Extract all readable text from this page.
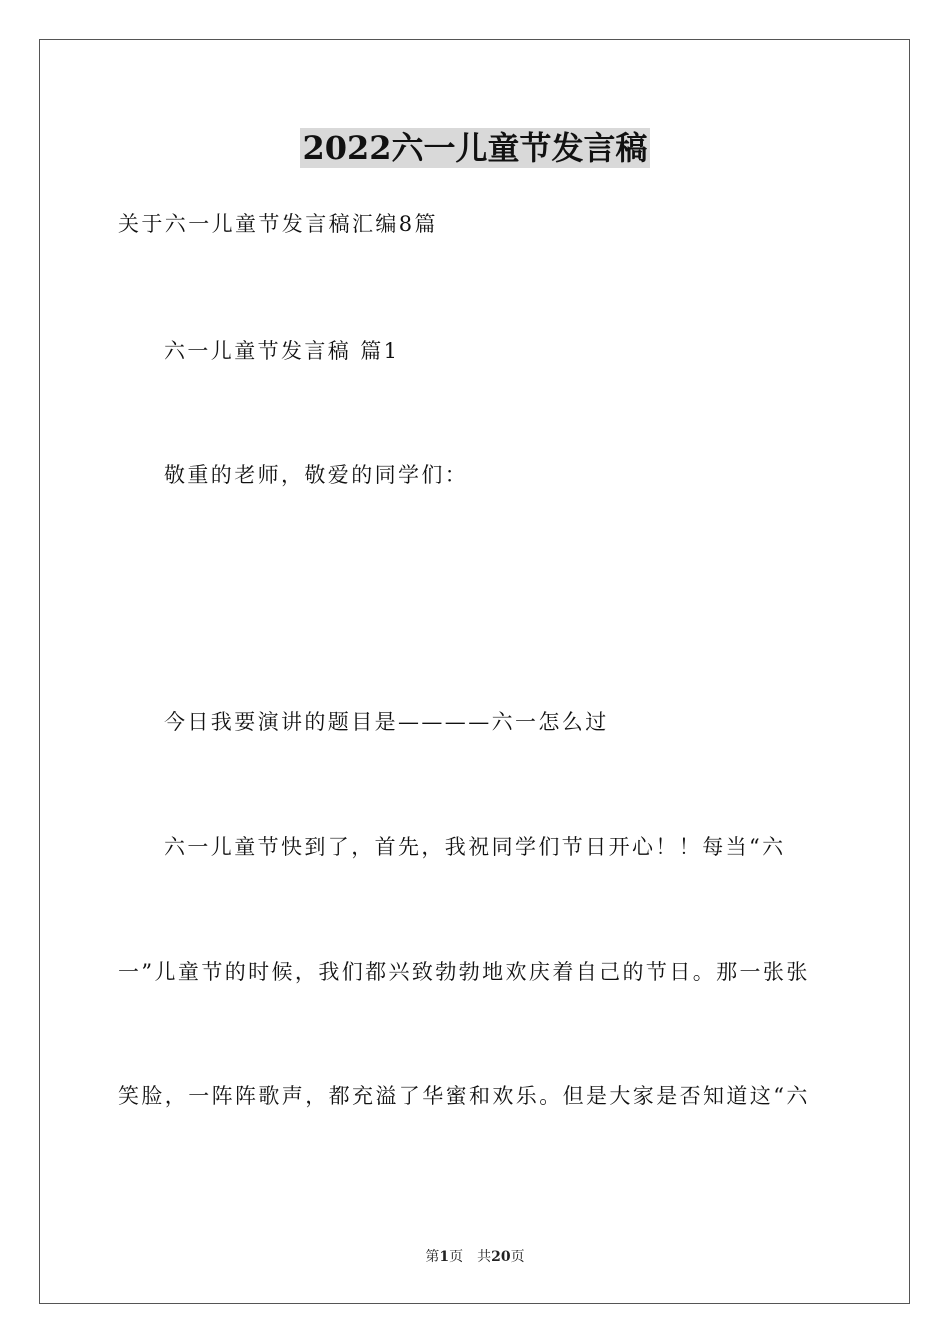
2022六一儿童节发言稿
关于六一儿童节发言稿汇编8篇
六一儿童节发言稿 篇1
敬重的老师，敬爱的同学们：
今日我要演讲的题目是————六一怎么过
六一儿童节快到了，首先，我祝同学们节日开心！！每当“六
一”儿童节的时候，我们都兴致勃勃地欢庆着自己的节日。那一张张
笑脸，一阵阵歌声，都充溢了华蜜和欢乐。但是大家是否知道这“六
第1页 共20页
